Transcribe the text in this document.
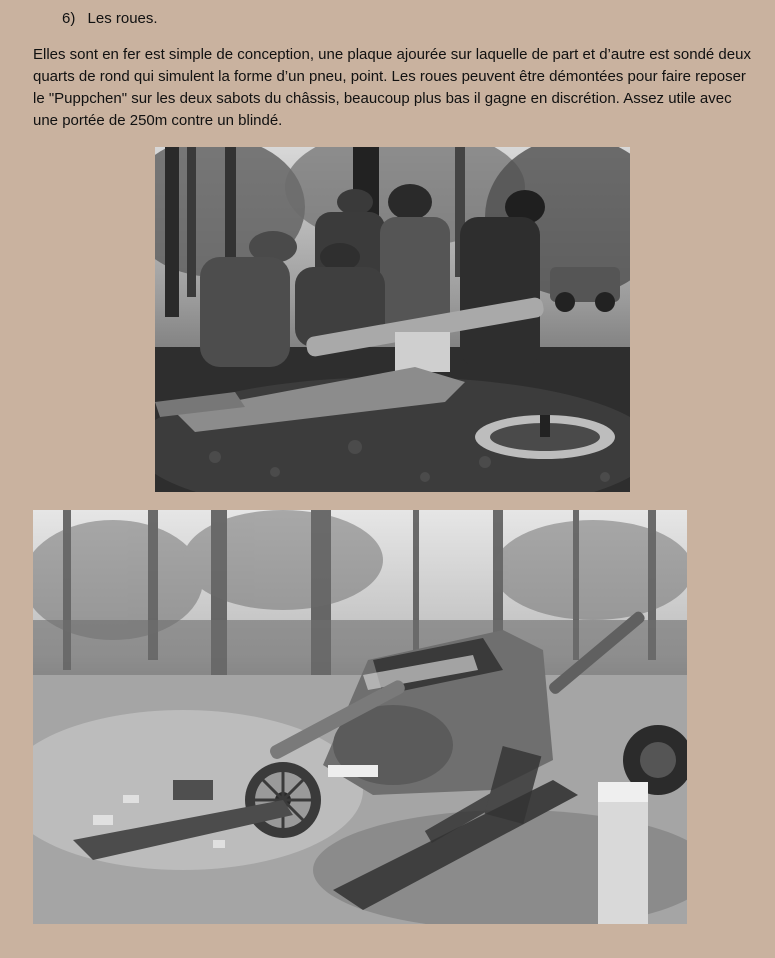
6) Les roues.

Elles sont en fer est simple de conception, une plaque ajourée sur laquelle de part et d’autre est sondé deux quarts de rond qui simulent la forme d’un pneu, point. Les roues peuvent être démontées pour faire reposer le "Puppchen" sur les deux sabots du châssis, beaucoup plus bas il gagne en discrétion. Assez utile avec une portée de 250m contre un blindé.
